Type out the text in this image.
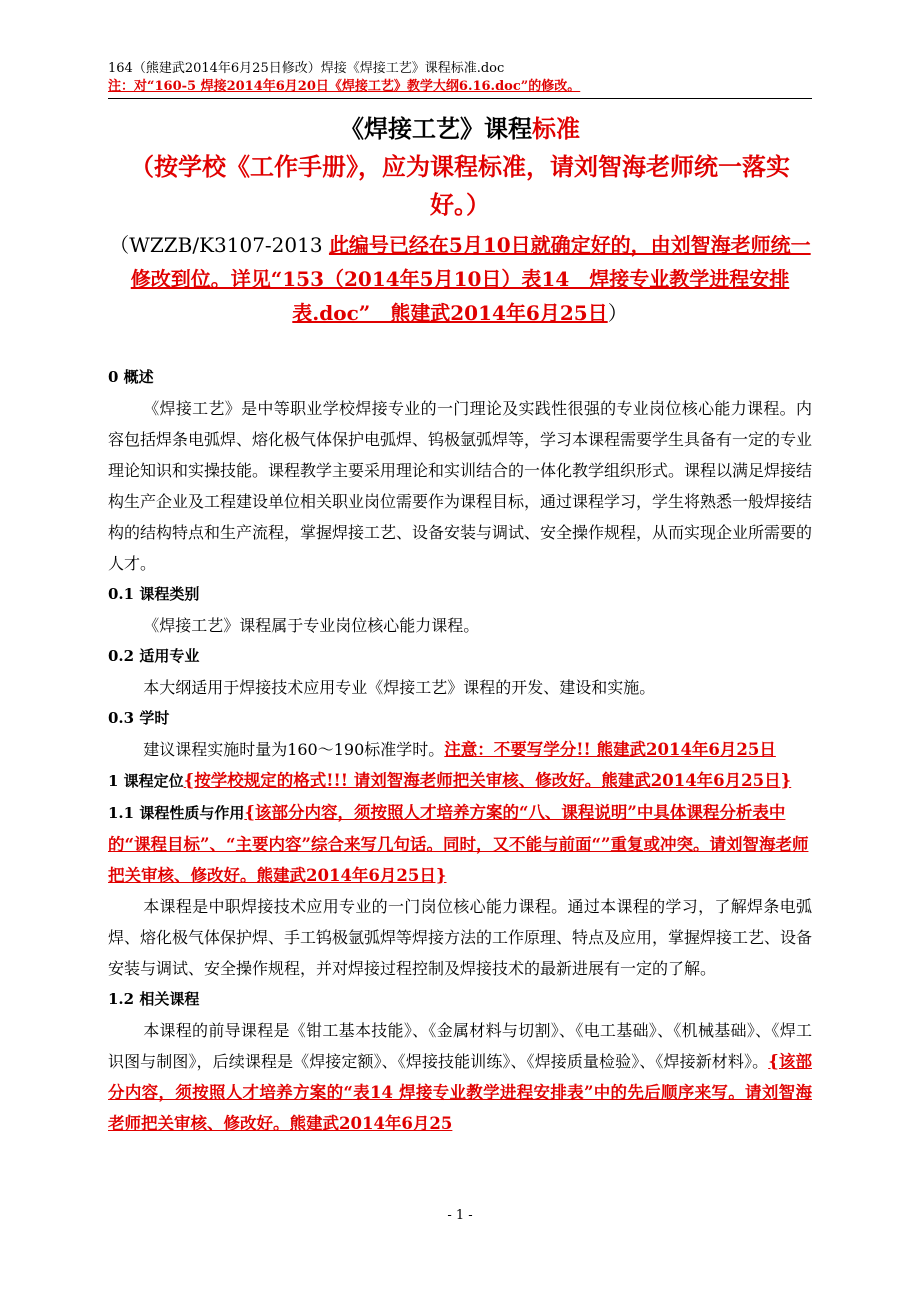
164（熊建武2014年6月25日修改）焊接《焊接工艺》课程标准.doc
注：对“160-5 焊接2014年6月20日《焊接工艺》教学大纲6.16.doc”的修改。
《焊接工艺》课程标准
（按学校《工作手册》，应为课程标准，请刘智海老师统一落实好。）
（WZZB/K3107-2013 此编号已经在5月10日就确定好的，由刘智海老师统一修改到位。详见“153（2014年5月10日）表14　焊接专业教学进程安排表.doc”　熊建武2014年6月25日）

0 概述

《焊接工艺》是中等职业学校焊接专业的一门理论及实践性很强的专业岗位核心能力课程。内容包括焊条电弧焊、熔化极气体保护电弧焊、钨极氩弧焊等，学习本课程需要学生具备有一定的专业理论知识和实操技能。课程教学主要采用理论和实训结合的一体化教学组织形式。课程以满足焊接结构生产企业及工程建设单位相关职业岗位需要作为课程目标，通过课程学习，学生将熟悉一般焊接结构的结构特点和生产流程，掌握焊接工艺、设备安装与调试、安全操作规程，从而实现企业所需要的人才。

0.1 课程类别

《焊接工艺》课程属于专业岗位核心能力课程。

0.2 适用专业

本大纲适用于焊接技术应用专业《焊接工艺》课程的开发、建设和实施。

0.3 学时

建议课程实施时量为160～190标准学时。注意：不要写学分!! 熊建武2014年6月25日

1 课程定位{按学校规定的格式!!! 请刘智海老师把关审核、修改好。熊建武2014年6月25日}

1.1 课程性质与作用{该部分内容，须按照人才培养方案的“八、课程说明”中具体课程分析表中的“课程目标”、“主要内容”综合来写几句话。同时，又不能与前面“”重复或冲突。请刘智海老师把关审核、修改好。熊建武2014年6月25日}

本课程是中职焊接技术应用专业的一门岗位核心能力课程。通过本课程的学习，了解焊条电弧焊、熔化极气体保护焊、手工钨极氩弧焊等焊接方法的工作原理、特点及应用，掌握焊接工艺、设备安装与调试、安全操作规程，并对焊接过程控制及焊接技术的最新进展有一定的了解。

1.2 相关课程

本课程的前导课程是《钳工基本技能》、《金属材料与切割》、《电工基础》、《机械基础》、《焊工识图与制图》，后续课程是《焊接定额》、《焊接技能训练》、《焊接质量检验》、《焊接新材料》。{该部分内容，须按照人才培养方案的“表14 焊接专业教学进程安排表”中的先后顺序来写。请刘智海老师把关审核、修改好。熊建武2014年6月25

- 1 -
